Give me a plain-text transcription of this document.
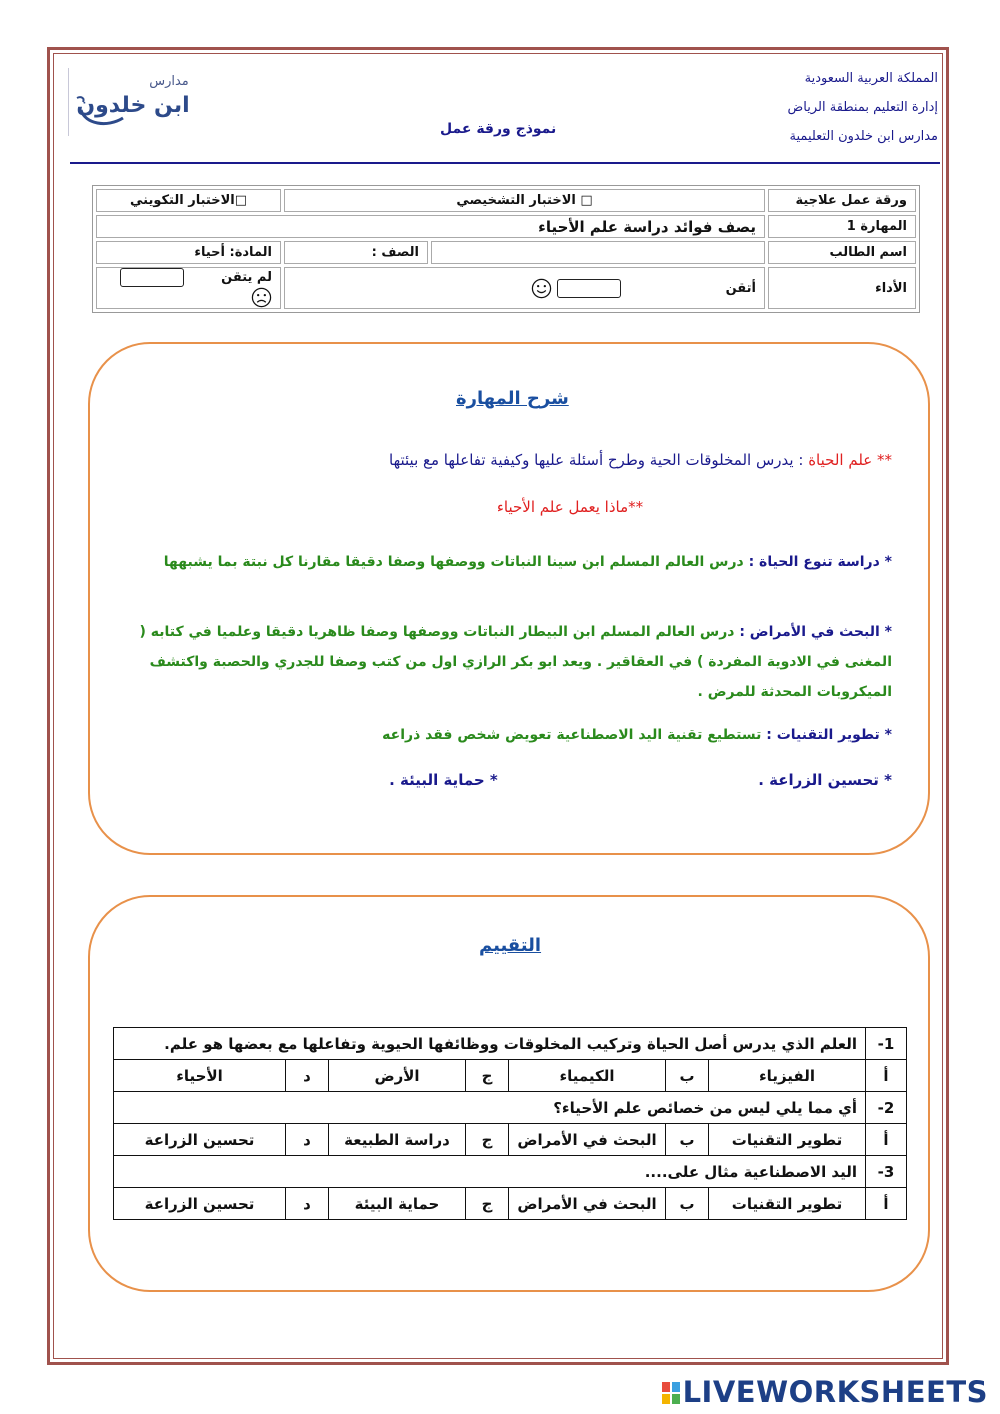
المملكة العربية السعودية
إدارة التعليم بمنطقة الرياض
مدارس ابن خلدون التعليمية
نموذج ورقة عمل
مدارس
ابن خلدون
ورقة عمل علاجية	□ الاختبار التشخيصي		□الاختبار التكويني
المهارة 1	يصف فوائد دراسة علم الأحياء		
اسم الطالب		الصف :	المادة: أحياء
الأداء	أتقن		لم يتقن
شرح المهارة
** علم الحياة : يدرس المخلوقات الحية وطرح أسئلة عليها وكيفية تفاعلها مع بيئتها
**ماذا يعمل علم الأحياء
* دراسة تنوع الحياة : درس العالم المسلم ابن سينا النباتات ووصفها وصفا دقيقا مقارنا كل نبتة بما يشبهها
* البحث في الأمراض : درس العالم المسلم ابن البيطار النباتات ووصفها وصفا ظاهريا دقيقا وعلميا في كتابه ( المغنى في الادوية المفردة ) في العقاقير . ويعد ابو بكر الرازي اول من كتب وصفا للجدري والحصبة واكتشف الميكروبات المحدثة للمرض .
* تطوير التقنيات : تستطيع تقنية اليد الاصطناعية تعويض شخص فقد ذراعه
* تحسين الزراعة .  * حماية البيئة .
التقييم
1-	العلم الذي يدرس أصل الحياة وتركيب المخلوقات ووظائفها الحيوية وتفاعلها مع بعضها هو علم.						
أ	الفيزياء	ب	الكيمياء	ج	الأرض	د	الأحياء
2-	أي مما يلي ليس من خصائص علم الأحياء؟						
أ	تطوير التقنيات	ب	البحث في الأمراض	ج	دراسة الطبيعة	د	تحسين الزراعة
3-	اليد الاصطناعية مثال على....						
أ	تطوير التقنيات	ب	البحث في الأمراض	ج	حماية البيئة	د	تحسين الزراعة
LIVEWORKSHEETS
